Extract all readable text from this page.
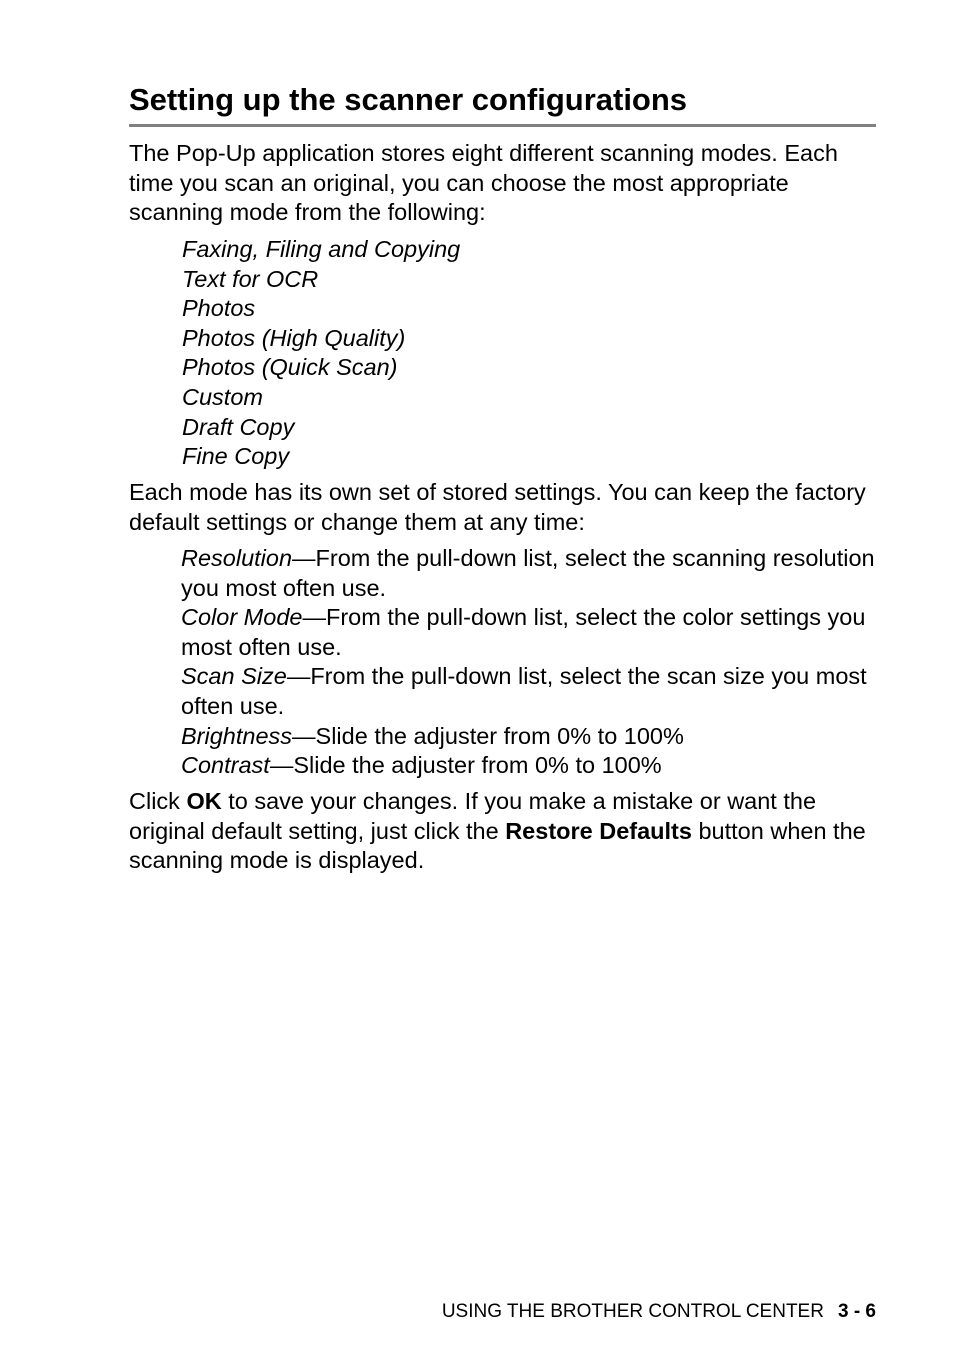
Setting up the scanner configurations

The Pop-Up application stores eight different scanning modes. Each time you scan an original, you can choose the most appropriate scanning mode from the following:

Faxing, Filing and Copying
Text for OCR
Photos
Photos (High Quality)
Photos (Quick Scan)
Custom
Draft Copy
Fine Copy

Each mode has its own set of stored settings. You can keep the factory default settings or change them at any time:

Resolution—From the pull-down list, select the scanning resolution you most often use.
Color Mode—From the pull-down list, select the color settings you most often use.
Scan Size—From the pull-down list, select the scan size you most often use.
Brightness—Slide the adjuster from 0% to 100%
Contrast—Slide the adjuster from 0% to 100%

Click OK to save your changes. If you make a mistake or want the original default setting, just click the Restore Defaults button when the scanning mode is displayed.

USING THE BROTHER CONTROL CENTER 3 - 6
